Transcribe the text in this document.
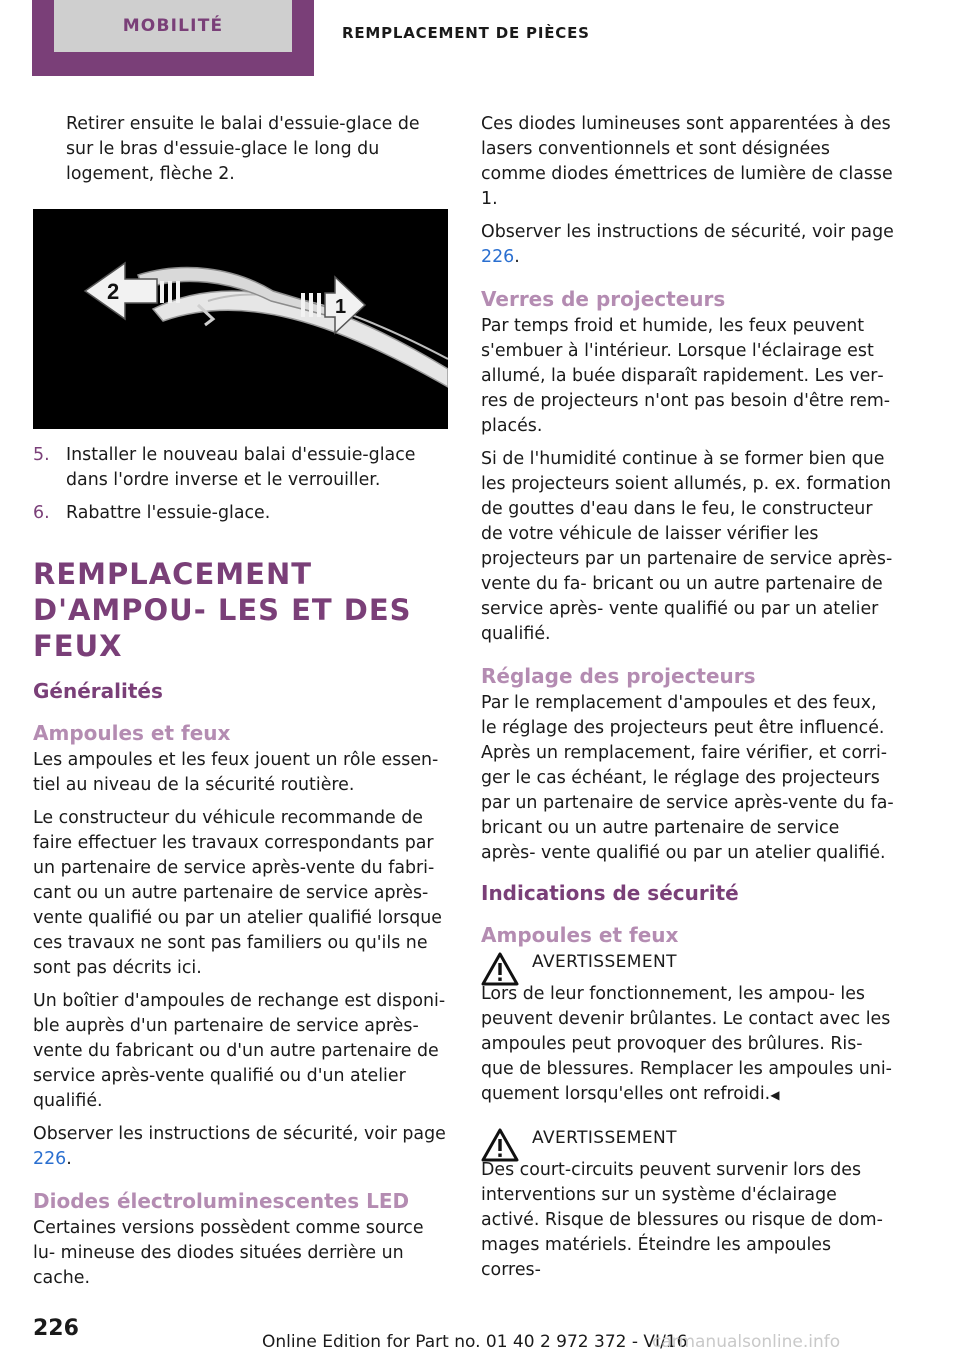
MOBILITÉ	REMPLACEMENT DE PIÈCES

Retirer ensuite le balai d'essuie-glace de sur le bras d'essuie-glace le long du logement, flèche 2.

2
1
5. Installer le nouveau balai d'essuie-glace dans l'ordre inverse et le verrouiller.
6. Rabattre l'essuie-glace.
REMPLACEMENT D'AMPOU‐ LES ET DES FEUX
Généralités
Ampoules et feux

Les ampoules et les feux jouent un rôle essen‐ tiel au niveau de la sécurité routière.

Le constructeur du véhicule recommande de faire effectuer les travaux correspondants par un partenaire de service après-vente du fabri‐ cant ou un autre partenaire de service après- vente qualifié ou par un atelier qualifié lorsque ces travaux ne sont pas familiers ou qu'ils ne sont pas décrits ici.

Un boîtier d'ampoules de rechange est disponi‐ ble auprès d'un partenaire de service après- vente du fabricant ou d'un autre partenaire de service après-vente qualifié ou d'un atelier qualifié.

Observer les instructions de sécurité, voir page 226.

Diodes électroluminescentes LED

Certaines versions possèdent comme source lu‐ mineuse des diodes situées derrière un cache.

Ces diodes lumineuses sont apparentées à des lasers conventionnels et sont désignées comme diodes émettrices de lumière de classe 1.

Observer les instructions de sécurité, voir page 226.

Verres de projecteurs

Par temps froid et humide, les feux peuvent s'embuer à l'intérieur. Lorsque l'éclairage est allumé, la buée disparaît rapidement. Les ver‐ res de projecteurs n'ont pas besoin d'être rem‐ placés.

Si de l'humidité continue à se former bien que les projecteurs soient allumés, p. ex. formation de gouttes d'eau dans le feu, le constructeur de votre véhicule de laisser vérifier les projecteurs par un partenaire de service après-vente du fa‐ bricant ou un autre partenaire de service après- vente qualifié ou par un atelier qualifié.

Réglage des projecteurs

Par le remplacement d'ampoules et des feux, le réglage des projecteurs peut être influencé. Après un remplacement, faire vérifier, et corri‐ ger le cas échéant, le réglage des projecteurs par un partenaire de service après-vente du fa‐ bricant ou un autre partenaire de service après- vente qualifié ou par un atelier qualifié.

Indications de sécurité
Ampoules et feux
AVERTISSEMENT

Lors de leur fonctionnement, les ampou‐ les peuvent devenir brûlantes. Le contact avec les ampoules peut provoquer des brûlures. Ris‐ que de blessures. Remplacer les ampoules uni‐ quement lorsqu'elles ont refroidi.◀

AVERTISSEMENT

Des court-circuits peuvent survenir lors des interventions sur un système d'éclairage activé. Risque de blessures ou risque de dom‐ mages matériels. Éteindre les ampoules corres‐

226
Online Edition for Part no. 01 40 2 972 372 - VI/16
carmanualsonline.info
